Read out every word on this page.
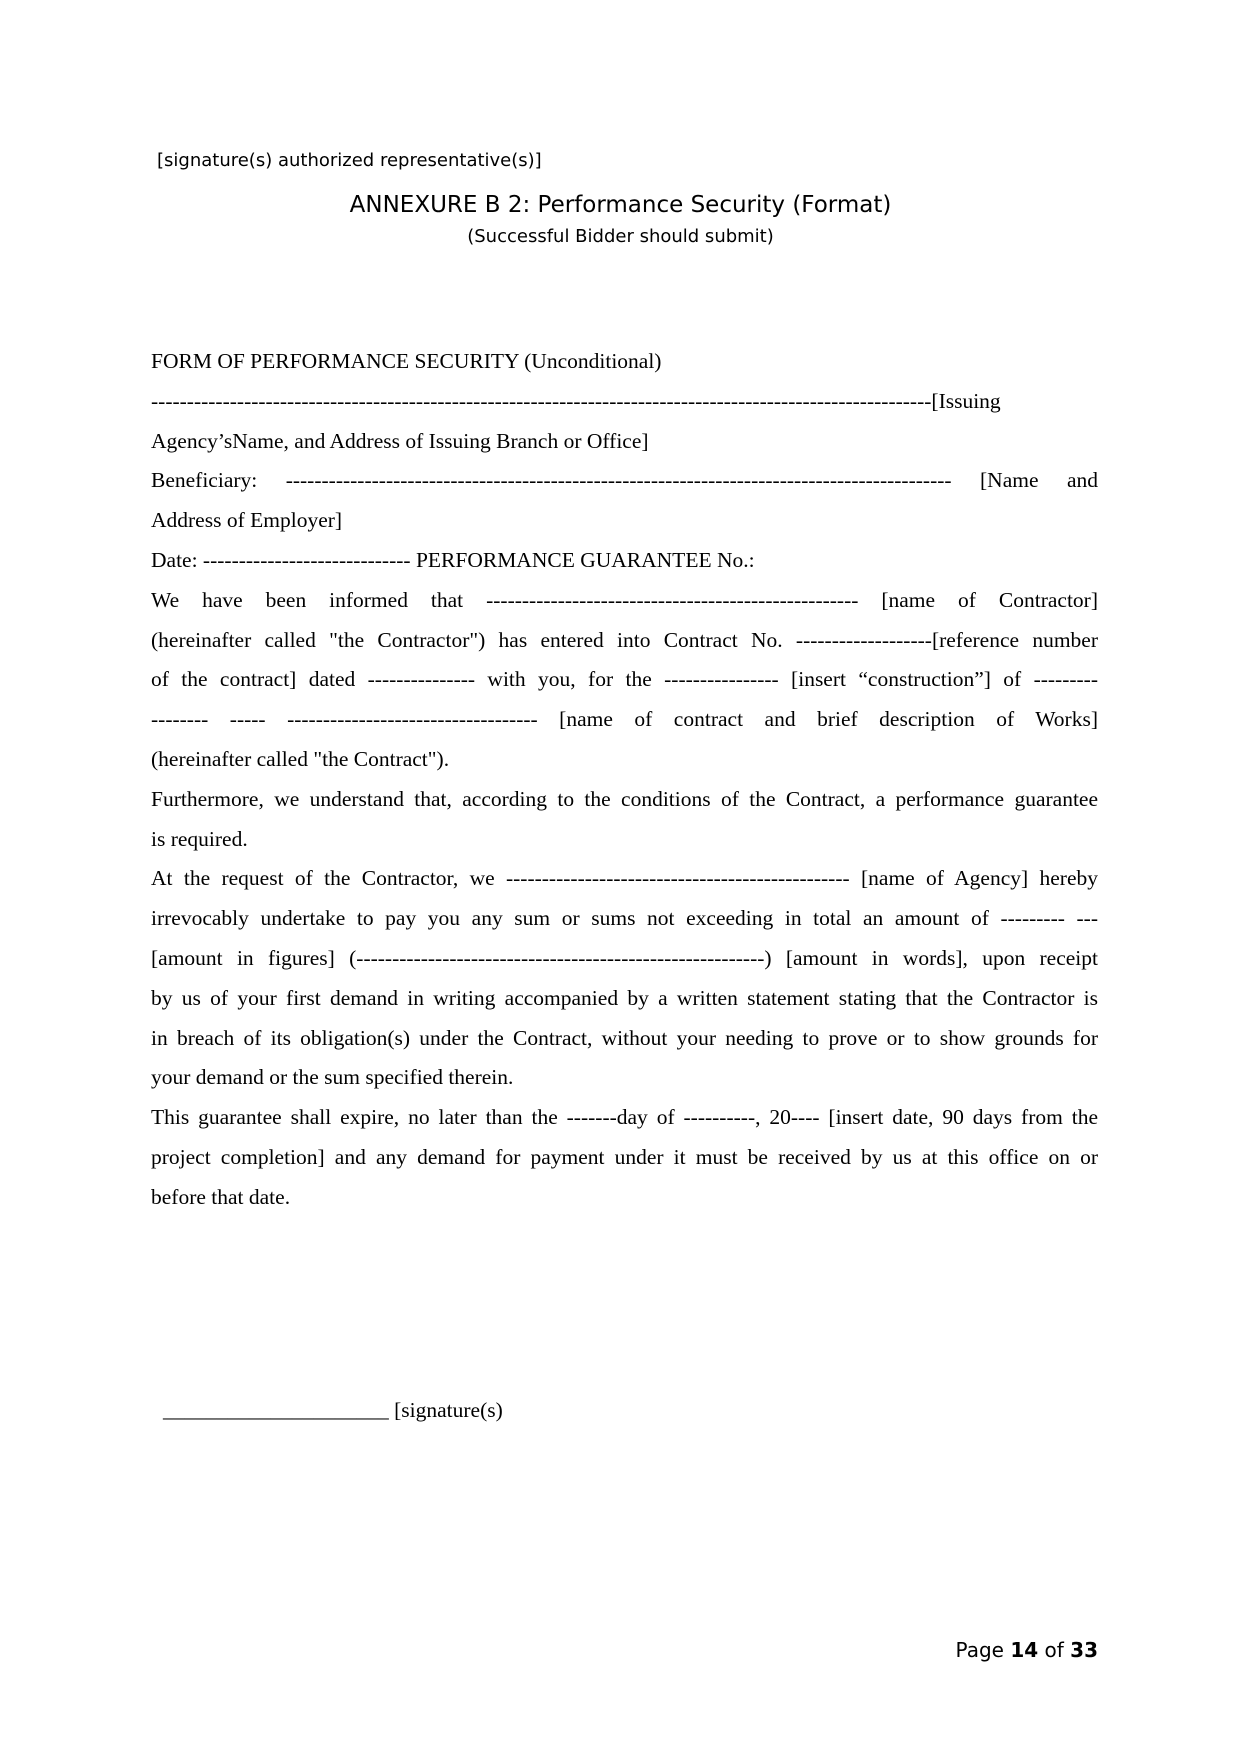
[signature(s) authorized representative(s)]
ANNEXURE B 2: Performance Security (Format)
(Successful Bidder should submit)
FORM OF PERFORMANCE SECURITY (Unconditional)
-------------------------------------------------------------------------------------------------------------[Issuing
Agency’sName, and Address of Issuing Branch or Office]
Beneficiary: --------------------------------------------------------------------------------------------- [Name and
Address of Employer]
Date: ----------------------------- PERFORMANCE GUARANTEE No.:
We have been informed that ---------------------------------------------------- [name of Contractor]
(hereinafter called "the Contractor") has entered into Contract No. -------------------[reference number
of the contract] dated --------------- with you, for the ---------------- [insert “construction”] of ---------
-------- ----- ----------------------------------- [name of contract and brief description of Works]
(hereinafter called "the Contract").
Furthermore, we understand that, according to the conditions of the Contract, a performance guarantee
is required.
At the request of the Contractor, we ------------------------------------------------ [name of Agency] hereby
irrevocably undertake to pay you any sum or sums not exceeding in total an amount of --------- ---
[amount in figures] (---------------------------------------------------------) [amount in words], upon receipt
by us of your first demand in writing accompanied by a written statement stating that the Contractor is
in breach of its obligation(s) under the Contract, without your needing to prove or to show grounds for
your demand or the sum specified therein.
This guarantee shall expire, no later than the -------day of ----------, 20---- [insert date, 90 days from the
project completion] and any demand for payment under it must be received by us at this office on or
before that date.
_____________________ [signature(s)
Page 14 of 33
